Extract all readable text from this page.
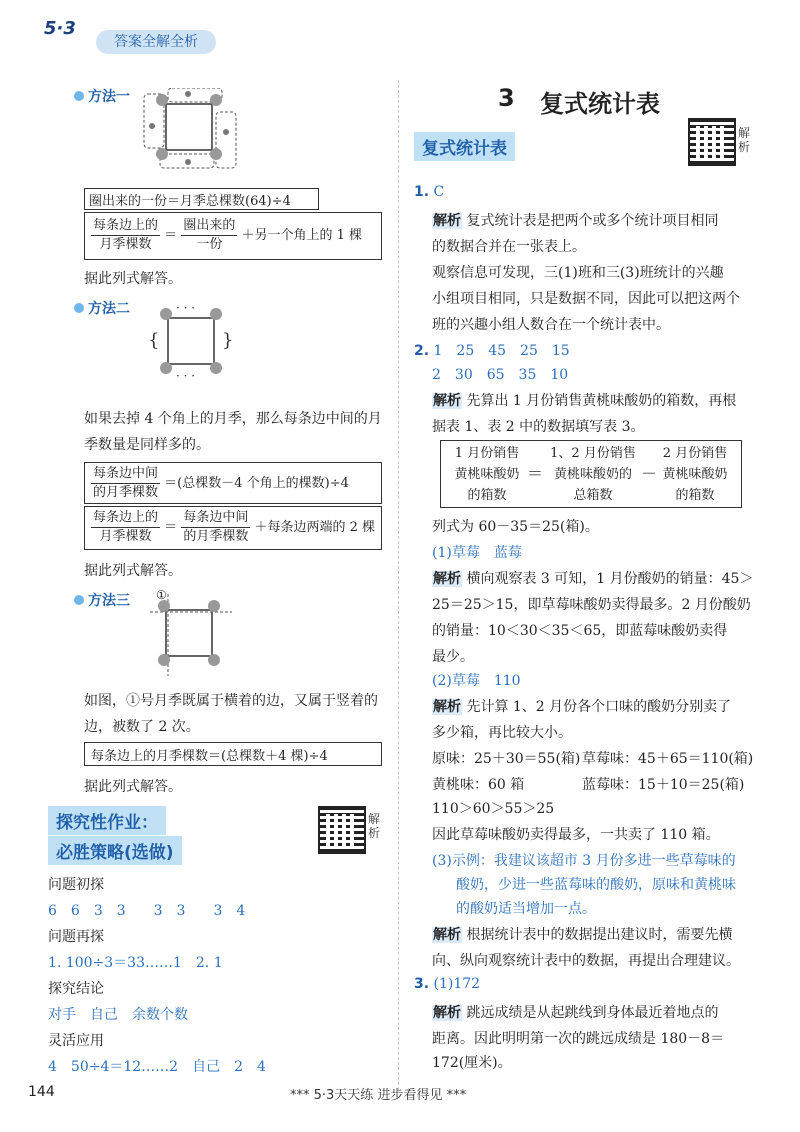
5·3
答案全解全析
方法一
圈出来的一份＝月季总棵数(64)÷4
$\frac{\text{每条边上的}}{\text{月季棵数}} = \frac{\text{圈出来的}}{\text{一份}}$ ＋另一个角上的 1 棵
据此列式解答。
方法二	· · ·
· · ·
{	}
如果去掉 4 个角上的月季，那么每条边中间的月
季数量是同样多的。
$\frac{\text{每条边中间}}{\text{的月季棵数}}$ ＝(总棵数－4 个角上的棵数)÷4
$\frac{\text{每条边上的}}{\text{月季棵数}} = \frac{\text{每条边中间}}{\text{的月季棵数}}$ ＋每条边两端的 2 棵
据此列式解答。
方法三 ①
如图，①号月季既属于横着的边，又属于竖着的
边，被数了 2 次。
每条边上的月季棵数＝(总棵数＋4 棵)÷4
据此列式解答。
探究性作业：
必胜策略(选做)
解析
问题初探
6　6　3　3　　3　3　　3　4
问题再探
1. 100÷3＝33……1　2. 1
探究结论
对手　自己　余数个数
灵活应用
4　50÷4＝12……2　自己　2　4
3 复式统计表
复式统计表
解析
1. C
解析 复式统计表是把两个或多个统计项目相同
的数据合并在一张表上。
观察信息可发现，三(1)班和三(3)班统计的兴趣
小组项目相同，只是数据不同，因此可以把这两个
班的兴趣小组人数合在一个统计表中。
2. 1　25　45　25　15
2　30　65　35　10
解析 先算出 1 月份销售黄桃味酸奶的箱数，再根
据表 1、表 2 中的数据填写表 3。
1 月份销售
黄桃味酸奶
的箱数
＝
1、2 月份销售
黄桃味酸奶的
总箱数
－
2 月份销售
黄桃味酸奶
的箱数
列式为 60－35＝25(箱)。
(1)草莓　蓝莓
解析 横向观察表 3 可知，1 月份酸奶的销量：45＞
25＝25＞15，即草莓味酸奶卖得最多。2 月份酸奶
的销量：10＜30＜35＜65，即蓝莓味酸奶卖得
最少。
(2)草莓　110
解析 先计算 1、2 月份各个口味的酸奶分别卖了
多少箱，再比较大小。
原味：25＋30＝55(箱) 草莓味：45＋65＝110(箱)
黄桃味：60 箱	蓝莓味：15＋10＝25(箱)
110＞60＞55＞25
因此草莓味酸奶卖得最多，一共卖了 110 箱。
(3)示例：我建议该超市 3 月份多进一些草莓味的
酸奶，少进一些蓝莓味的酸奶，原味和黄桃味
的酸奶适当增加一点。
解析 根据统计表中的数据提出建议时，需要先横
向、纵向观察统计表中的数据，再提出合理建议。
3. (1)172
解析 跳远成绩是从起跳线到身体最近着地点的
距离。因此明明第一次的跳远成绩是 180－8＝
172(厘米)。
144	*** 5·3天天练 进步看得见 ***
